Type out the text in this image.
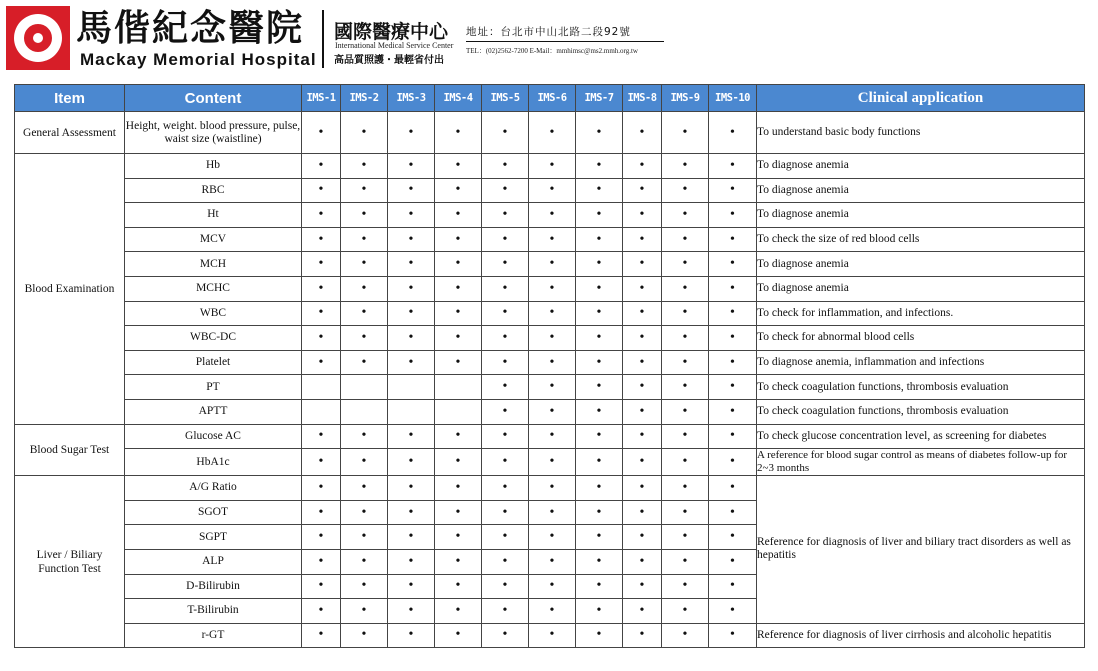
馬偕紀念醫院
Mackay Memorial Hospital
國際醫療中心
International Medical Service Center
高品質照護・最輕省付出
地址：台北市中山北路二段92號
TEL：(02)2562-7200 E-Mail：mmhimsc@ms2.mmh.org.tw
Item	Content	IMS-1	IMS-2	IMS-3	IMS-4	IMS-5	IMS-6	IMS-7	IMS-8	IMS-9	IMS-10	Clinical application
General Assessment	Height, weight. blood pressure, pulse, waist size (waistline)	•	•	•	•	•	•	•	•	•	•	To understand basic body functions
Blood Examination	Hb	•	•	•	•	•	•	•	•	•	•	To diagnose anemia
	RBC	•	•	•	•	•	•	•	•	•	•	To diagnose anemia
	Ht	•	•	•	•	•	•	•	•	•	•	To diagnose anemia
	MCV	•	•	•	•	•	•	•	•	•	•	To check the size of red blood cells
	MCH	•	•	•	•	•	•	•	•	•	•	To diagnose anemia
	MCHC	•	•	•	•	•	•	•	•	•	•	To diagnose anemia
	WBC	•	•	•	•	•	•	•	•	•	•	To check for inflammation, and infections.
	WBC-DC	•	•	•	•	•	•	•	•	•	•	To check for abnormal blood cells
	Platelet	•	•	•	•	•	•	•	•	•	•	To diagnose anemia, inflammation and infections
	PT					•	•	•	•	•	•	To check coagulation functions, thrombosis evaluation
	APTT					•	•	•	•	•	•	To check coagulation functions, thrombosis evaluation
Blood Sugar Test	Glucose AC	•	•	•	•	•	•	•	•	•	•	To check glucose concentration level, as screening for diabetes
	HbA1c	•	•	•	•	•	•	•	•	•	•	A reference for blood sugar control as means of diabetes follow-up for 2~3 months
Liver / Biliary Function Test	A/G Ratio	•	•	•	•	•	•	•	•	•	•	Reference for diagnosis of liver and biliary tract disorders as well as hepatitis
	SGOT	•	•	•	•	•	•	•	•	•	•	
	SGPT	•	•	•	•	•	•	•	•	•	•	
	ALP	•	•	•	•	•	•	•	•	•	•	
	D-Bilirubin	•	•	•	•	•	•	•	•	•	•	
	T-Bilirubin	•	•	•	•	•	•	•	•	•	•	
	r-GT	•	•	•	•	•	•	•	•	•	•	Reference for diagnosis of liver cirrhosis and alcoholic hepatitis
